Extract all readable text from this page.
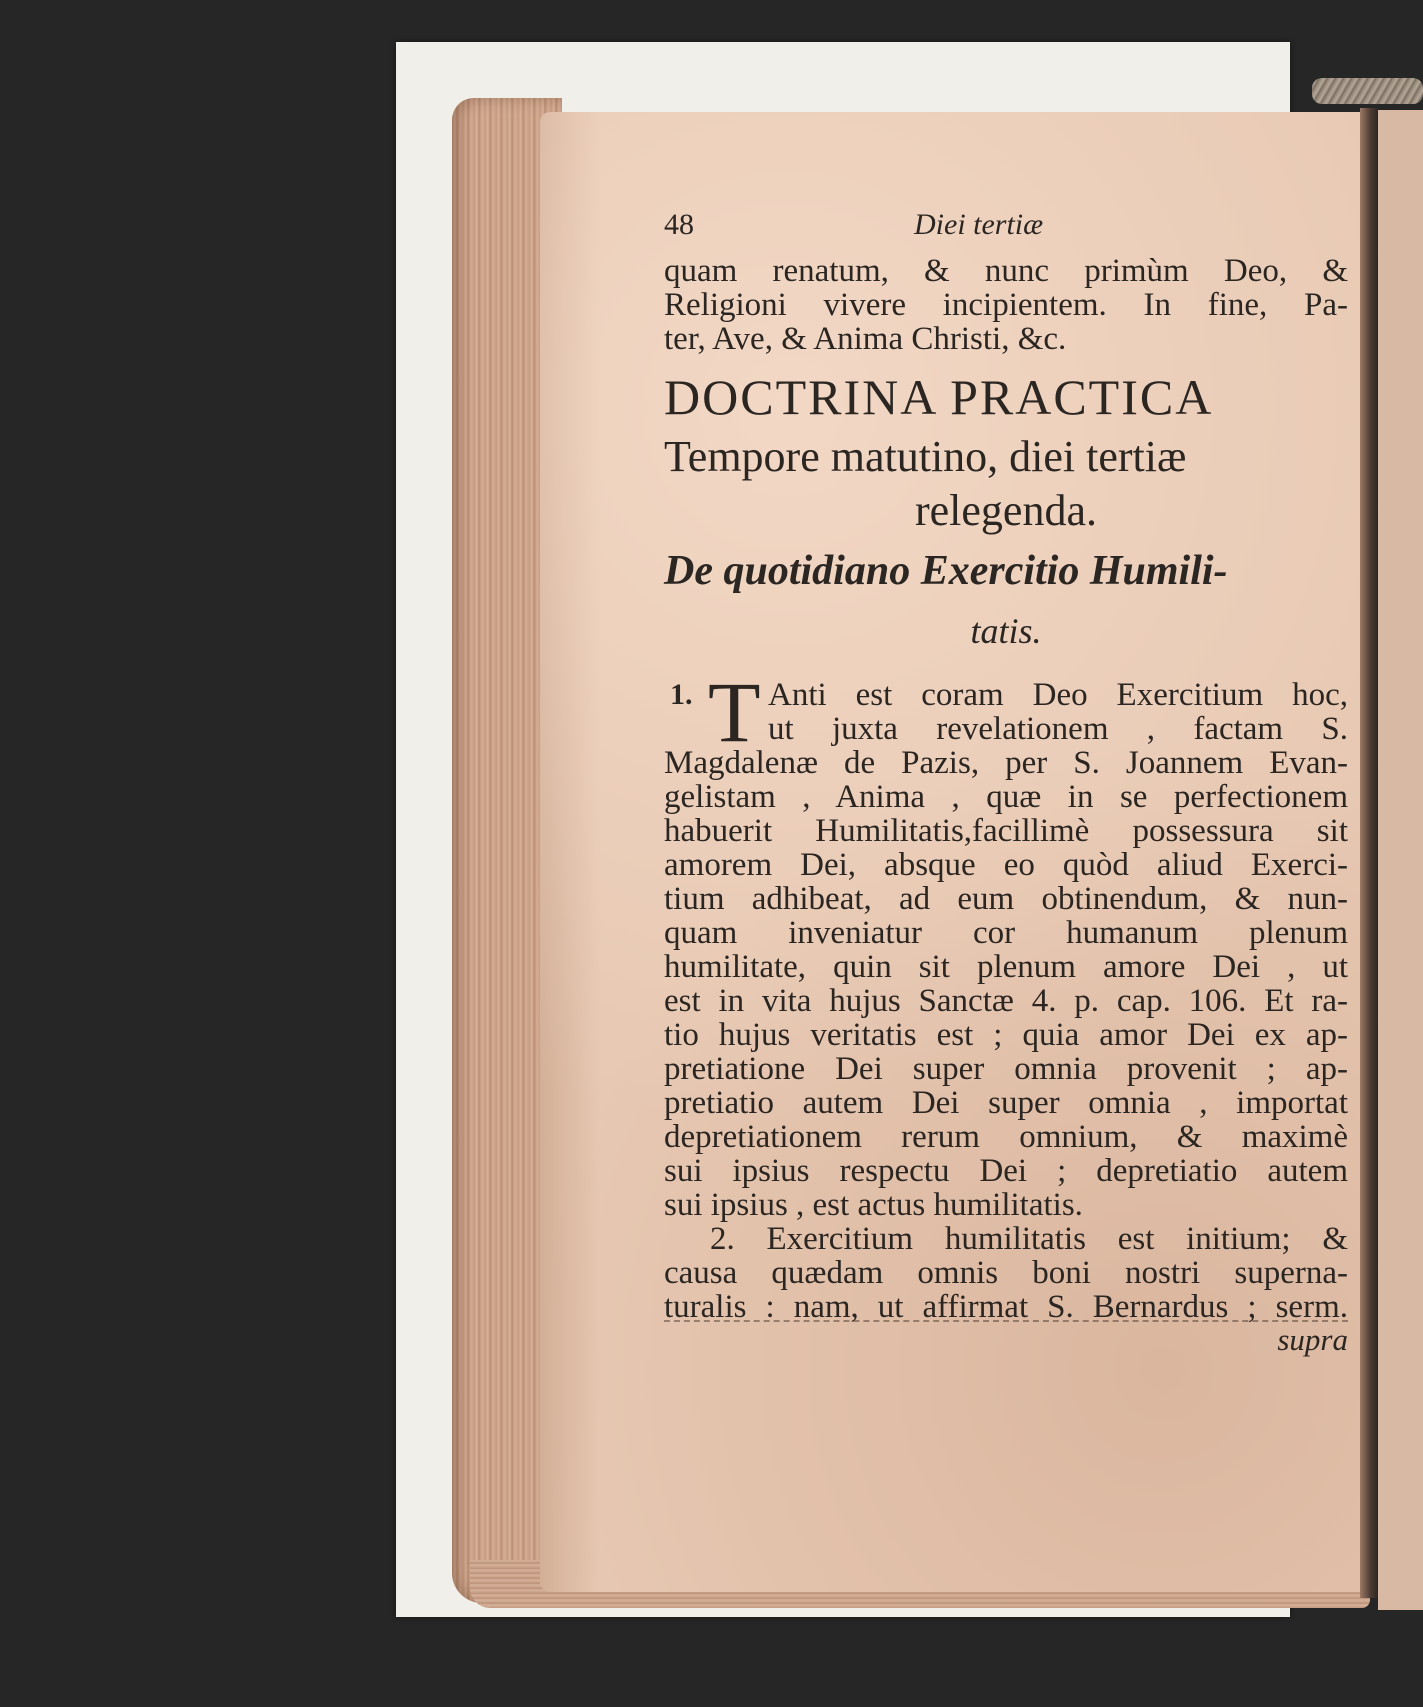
48	Diei tertiæ
quam renatum, & nunc primùm Deo, &
Religioni vivere incipientem. In fine, Pa-
ter, Ave, & Anima Christi, &c.
DOCTRINA PRACTICA
Tempore matutino, diei tertiæ
relegenda.
De quotidiano Exercitio Humili-
tatis.
1. T Anti est coram Deo Exercitium hoc,
ut juxta revelationem , factam S.
Magdalenæ de Pazis, per S. Joannem Evan-
gelistam , Anima , quæ in se perfectionem
habuerit Humilitatis,facillimè possessura sit
amorem Dei, absque eo quòd aliud Exerci-
tium adhibeat, ad eum obtinendum, & nun-
quam inveniatur cor humanum plenum
humilitate, quin sit plenum amore Dei , ut
est in vita hujus Sanctæ 4. p. cap. 106. Et ra-
tio hujus veritatis est ; quia amor Dei ex ap-
pretiatione Dei super omnia provenit ; ap-
pretiatio autem Dei super omnia , importat
depretiationem rerum omnium, & maximè
sui ipsius respectu Dei ; depretiatio autem
sui ipsius , est actus humilitatis.
2. Exercitium humilitatis est initium; &
causa quædam omnis boni nostri superna-
turalis : nam, ut affirmat S. Bernardus ; serm.
supra
